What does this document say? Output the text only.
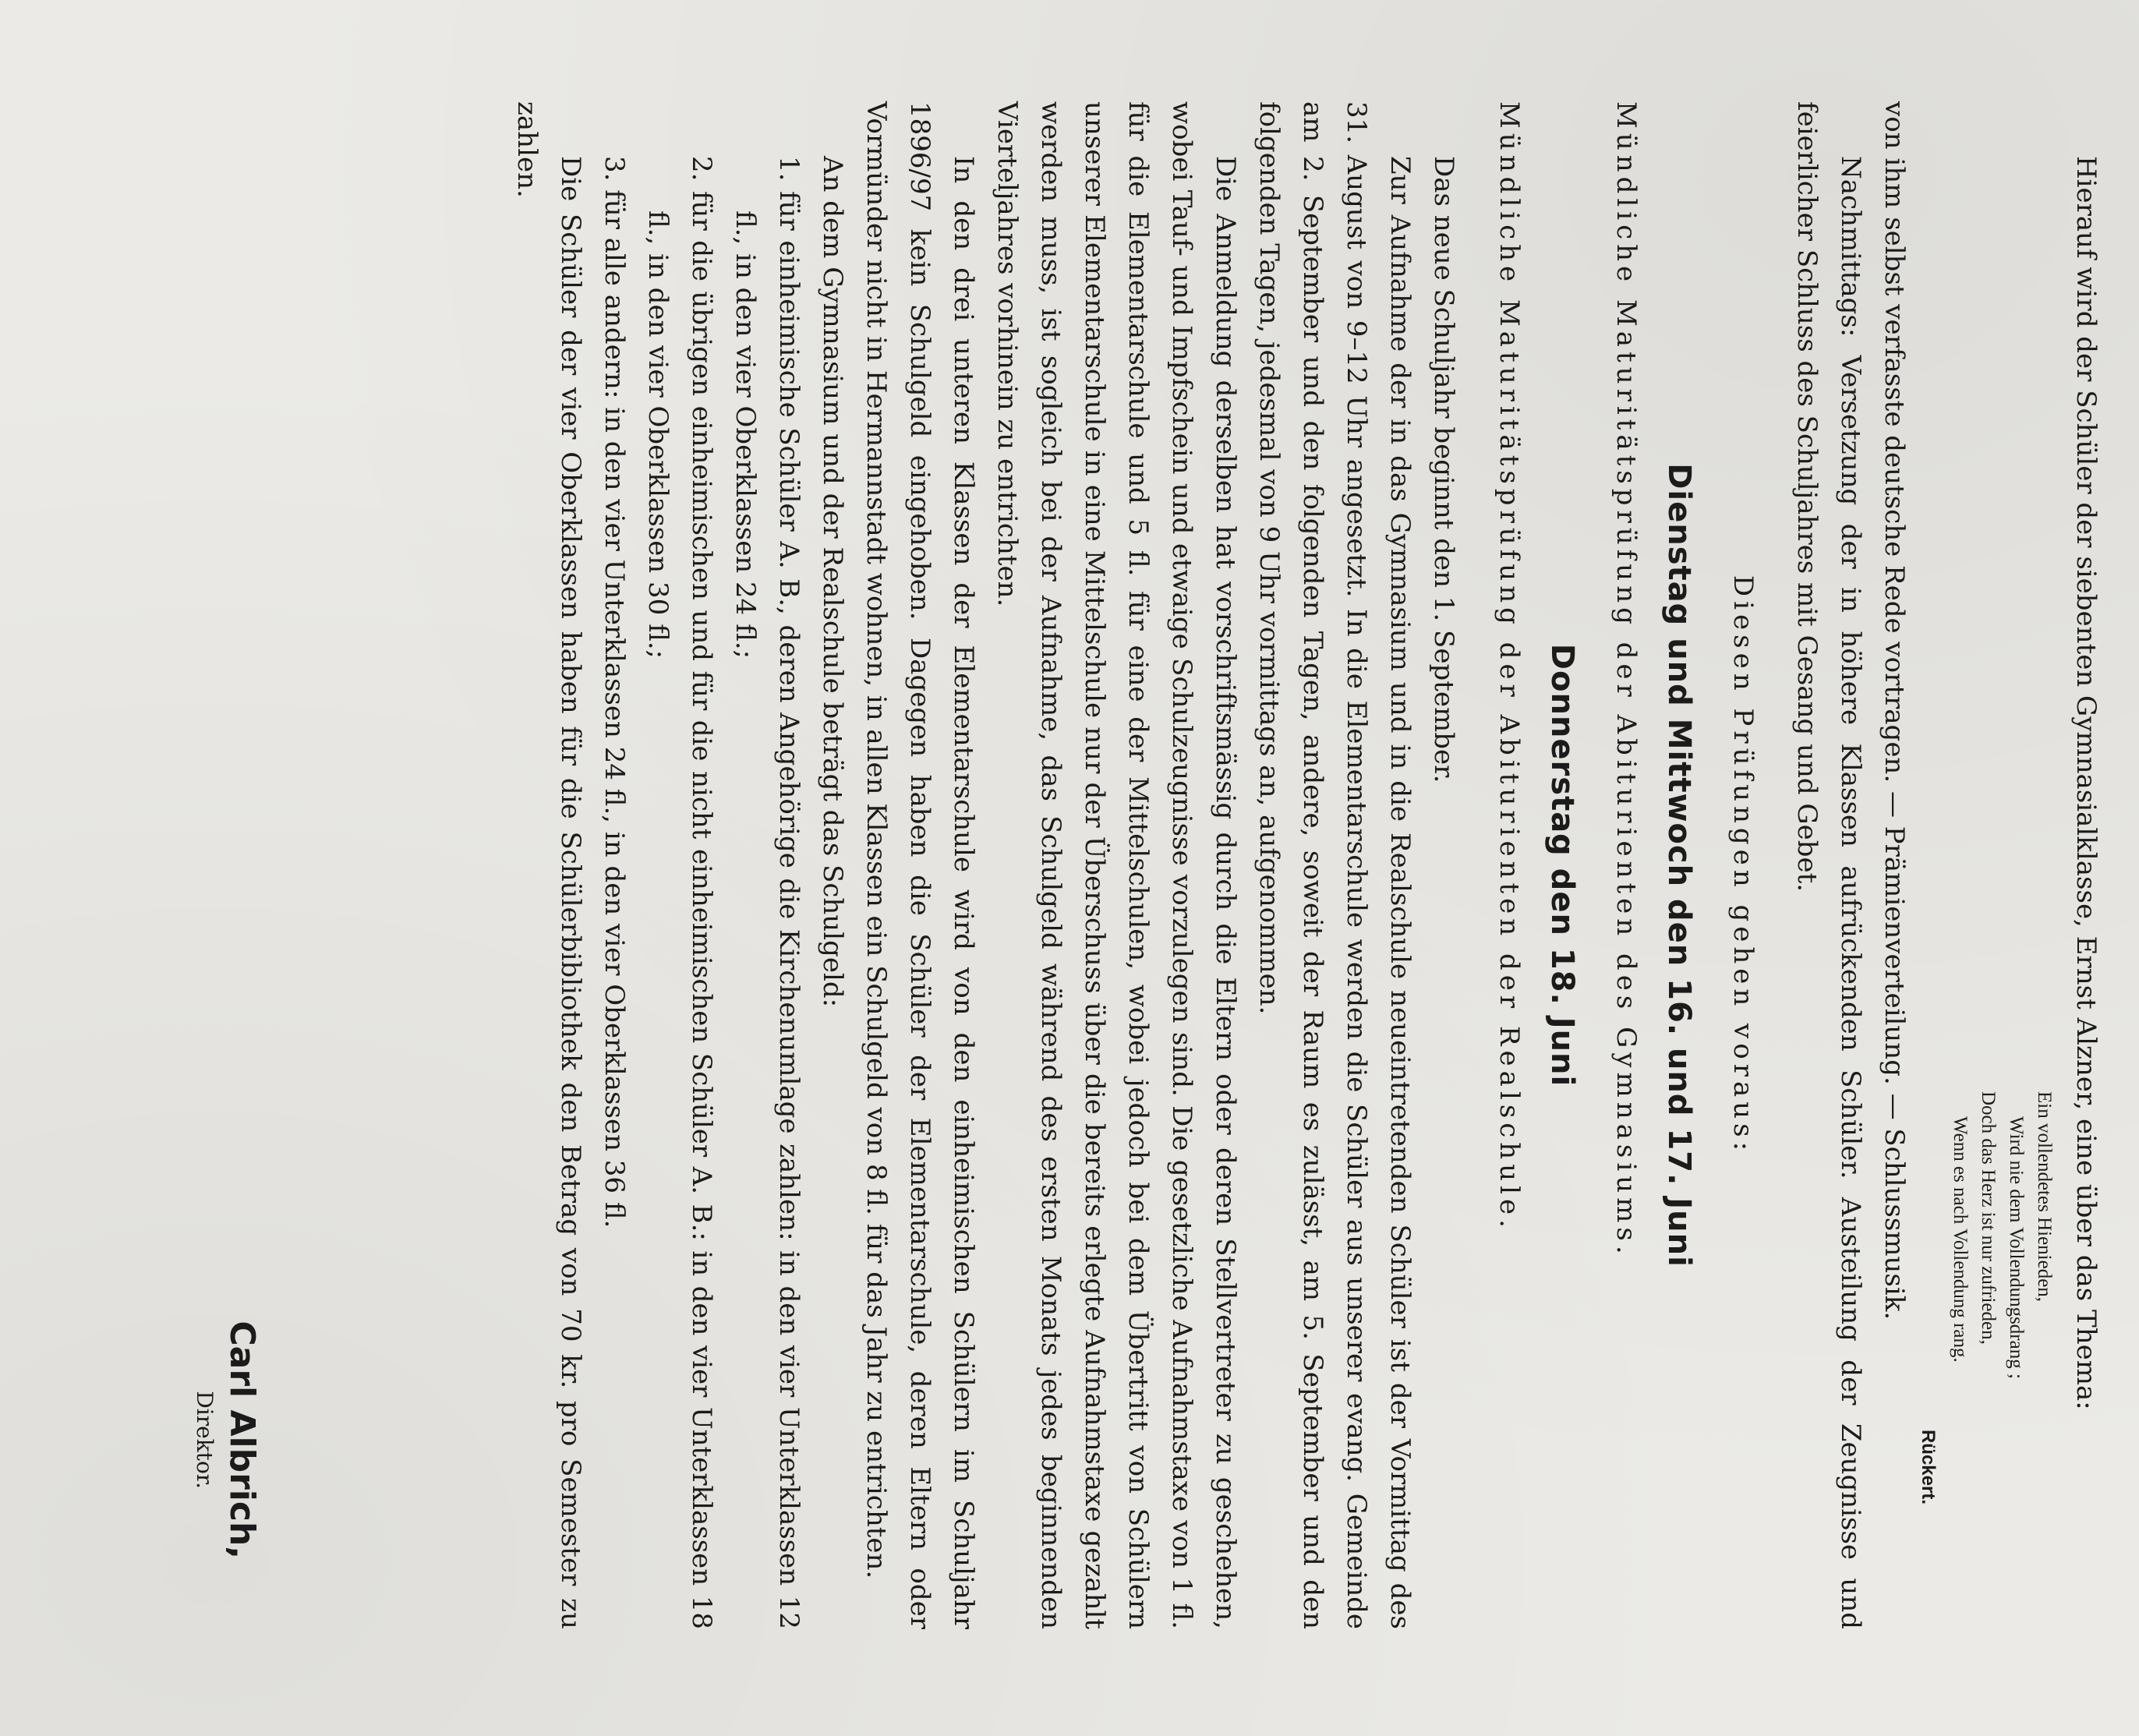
Hierauf wird der Schüler der siebenten Gymnasialklasse, Ernst Alzner, eine über das Thema:

Ein vollendetes Hienieden,
Wird nie dem Vollendungsdrang ;
Doch das Herz ist nur zufrieden,
Wenn es nach Vollendung rang.
Rückert.

von ihm selbst verfasste deutsche Rede vortragen. — Prämienverteilung. — Schlussmusik.

Nachmittags: Versetzung der in höhere Klassen aufrückenden Schüler. Austeilung der Zeugnisse und feierlicher Schluss des Schuljahres mit Gesang und Gebet.

Diesen Prüfungen gehen voraus:

Dienstag und Mittwoch den 16. und 17. Juni

Mündliche Maturitätsprüfung der Abiturienten des Gymnasiums.

Donnerstag den 18. Juni

Mündliche Maturitätsprüfung der Abiturienten der Realschule.

Das neue Schuljahr beginnt den 1. September.

Zur Aufnahme der in das Gymnasium und in die Realschule neueintretenden Schüler ist der Vormittag des 31. August von 9–12 Uhr angesetzt. In die Elementarschule werden die Schüler aus unserer evang. Gemeinde am 2. September und den folgenden Tagen, andere, soweit der Raum es zulässt, am 5. September und den folgenden Tagen, jedesmal von 9 Uhr vormittags an, aufgenommen.

Die Anmeldung derselben hat vorschriftsmässig durch die Eltern oder deren Stellvertreter zu geschehen, wobei Tauf- und Impfschein und etwaige Schulzeugnisse vorzulegen sind. Die gesetzliche Aufnahmstaxe von 1 fl. für die Elementarschule und 5 fl. für eine der Mittelschulen, wobei jedoch bei dem Übertritt von Schülern unserer Elementarschule in eine Mittelschule nur der Überschuss über die bereits erlegte Aufnahmstaxe gezahlt werden muss, ist sogleich bei der Aufnahme, das Schulgeld während des ersten Monats jedes beginnenden Vierteljahres vorhinein zu entrichten.

In den drei unteren Klassen der Elementarschule wird von den einheimischen Schülern im Schuljahr 1896/97 kein Schulgeld eingehoben. Dagegen haben die Schüler der Elementarschule, deren Eltern oder Vormünder nicht in Hermannstadt wohnen, in allen Klassen ein Schulgeld von 8 fl. für das Jahr zu entrichten.

An dem Gymnasium und der Realschule beträgt das Schulgeld:

1. für einheimische Schüler A. B., deren Angehörige die Kirchenumlage zahlen: in den vier Unterklassen 12 fl., in den vier Oberklassen 24 fl.;

2. für die übrigen einheimischen und für die nicht einheimischen Schüler A. B.: in den vier Unterklassen 18 fl., in den vier Oberklassen 30 fl.;

3. für alle andern: in den vier Unterklassen 24 fl., in den vier Oberklassen 36 fl.

Die Schüler der vier Oberklassen haben für die Schülerbibliothek den Betrag von 70 kr. pro Semester zu zahlen.

Carl Albrich,
Direktor.
